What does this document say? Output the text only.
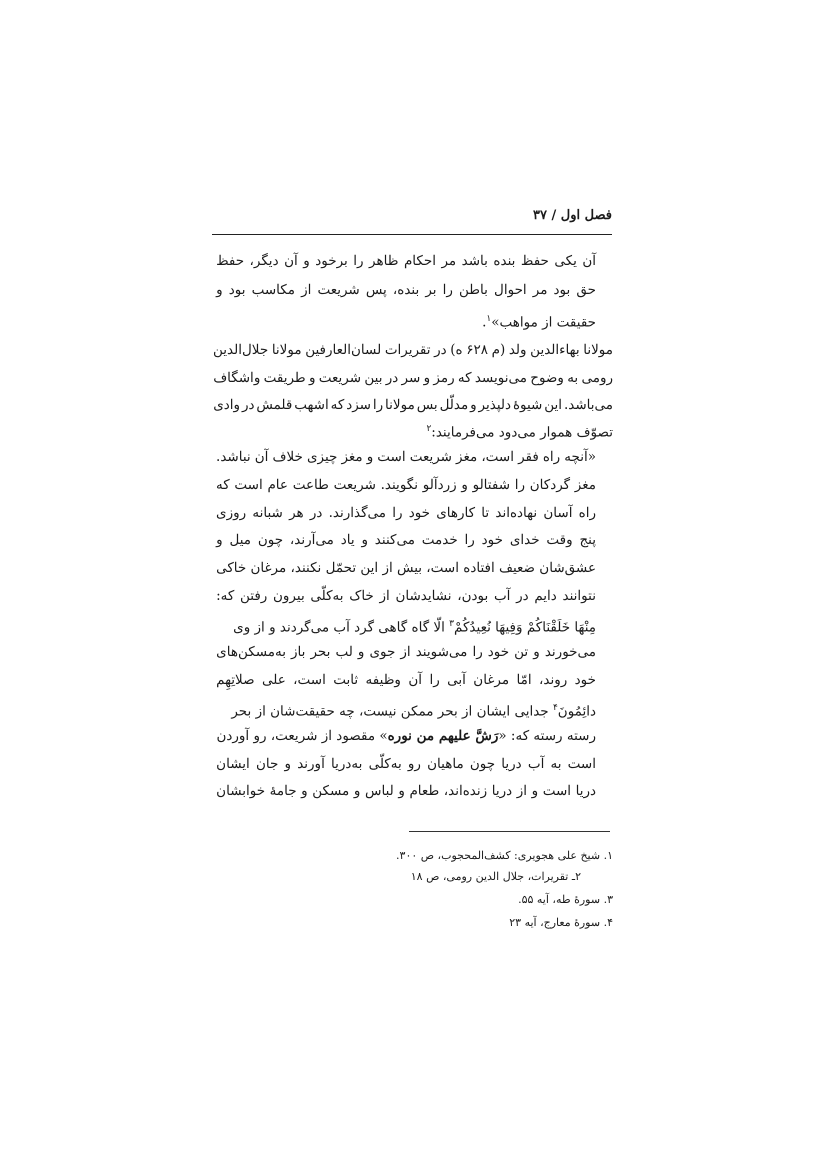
فصل اول / ۳۷
آن
یکی
حفظ
بنده
باشد
مر
احکام
ظاهر
را
برخود
و
آن
دیگر،
حفظ
حق
بود
مر
احوال
باطن
را
بر
بنده،
پس
شریعت
از
مکاسب
بود
و
حقیقت از مواهب»$^۱$.
مولانا
بهاءالدین
ولد
(م
۶۲۸
ه)
در
تقریرات
لسان‌العارفین
مولانا
جلال‌الدین
رومی
به
وضوح
می‌نویسد
که
رمز
و
سر
در
بین
شریعت
و
طریقت
واشگاف
می‌باشد.
این
شیوهٔ
دلپذیر
و
مدلّل
بس
مولانا
را
سزد
که
اشهب
قلمش
در
وادی
تصوّف هموار می‌دود می‌فرمایند:$^۲$
«آنچه
راه
فقر
است،
مغز
شریعت
است
و
مغز
چیزی
خلاف
آن
نباشد.
مغز
گردکان
را
شفتالو
و
زردآلو
نگویند.
شریعت
طاعت
عام
است
که
راه
آسان
نهاده‌اند
تا
کارهای
خود
را
می‌گذارند.
در
هر
شبانه
روزی
پنج
وقت
خدای
خود
را
خدمت
می‌کنند
و
یاد
می‌آرند،
چون
میل
و
عشق‌شان
ضعیف
افتاده
است،
بیش
از
این
تحمّل
نکنند،
مرغان
خاکی
نتوانند
دایم
در
آب
بودن،
نشایدشان
از
خاک
به‌کلّی
بیرون
رفتن
که:
مِنْهَا خَلَقْنَاكُمْ وَفِيهَا نُعِيدُكُمْ$^۳$ الّا گاه گاهی گرد آب می‌گردند و از وی
می‌خورند
و
تن
خود
را
می‌شویند
از
جوی
و
لب
بحر
باز
به‌مسکن‌های
خود
روند،
امّا
مرغان
آبی
را
آن
وظیفه
ثابت
است،
علی
صلاتِهِم
دائِمُونَ$^۴$ جدایی ایشان از بحر ممکن نیست، چه حقیقت‌شان از بحر
رسته رسته که: «رَشَّ علیهم من نوره» مقصود از شریعت، رو آوردن
است
به
آب
دریا
چون
ماهیان
رو
به‌کلّی
به‌دریا
آورند
و
جان
ایشان
دریا
است
و
از
دریا
زنده‌اند،
طعام
و
لباس
و
مسکن
و
جامهٔ
خوابشان
۱. شیخ علی هجویری: کشف‌المحجوب، ص ۳۰۰.
۲ـ تقریرات، جلال الدین رومی، ص ۱۸
۳. سورهٔ طه، آیه ۵۵.
۴. سورهٔ معارج، آیه ۲۳
